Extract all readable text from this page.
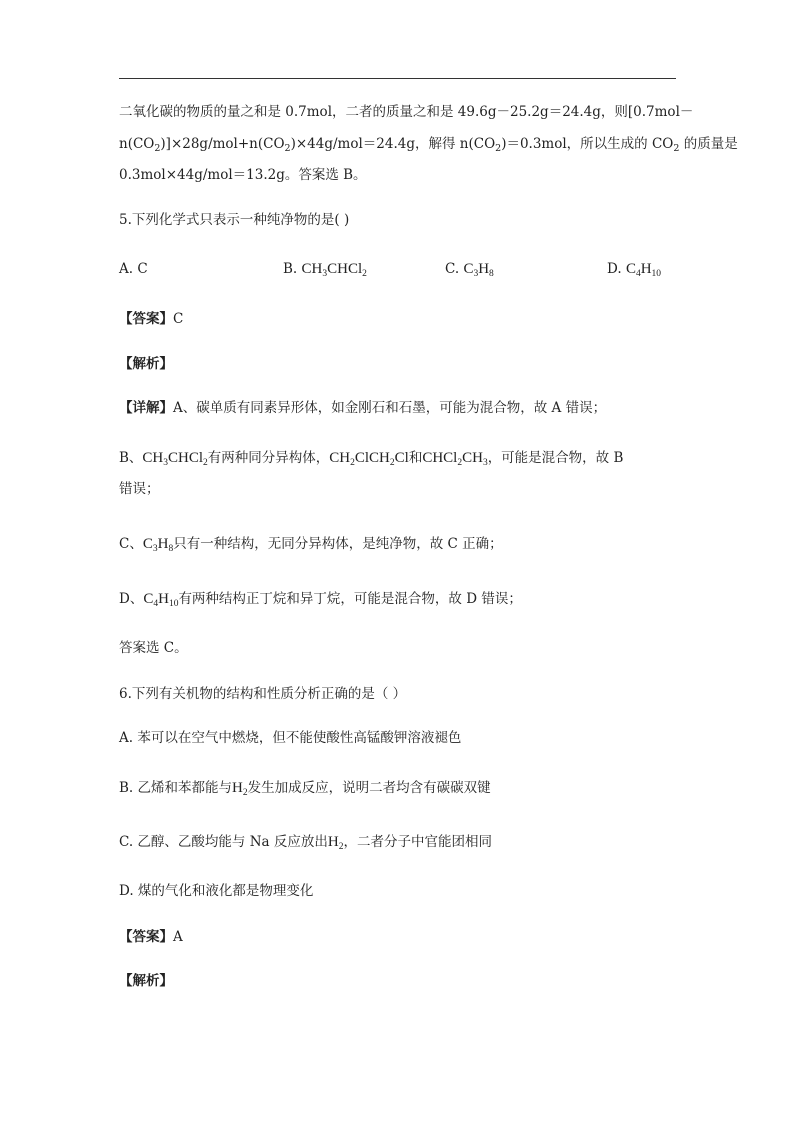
二氧化碳的物质的量之和是 0.7mol，二者的质量之和是 49.6g－25.2g＝24.4g，则[0.7mol－
$n(CO_2)]\times 28g/mol+n(CO_2)\times 44g/mol=24.4g$，解得 $n(CO_2)=0.3mol$，所以生成的 $CO_2$ 的质量是
0.3mol×44g/mol＝13.2g。答案选 B。
5.下列化学式只表示一种纯净物的是( )
A. C	B. $CH_3CHCl_2$	C. $C_3H_8$	D. $C_4H_{10}$
【答案】C
【解析】
【详解】A、碳单质有同素异形体，如金刚石和石墨，可能为混合物，故 A 错误；
B、$CH_3CHCl_2$有两种同分异构体，$CH_2ClCH_2Cl$和$CHCl_2CH_3$，可能是混合物，故 B
错误；
C、$C_3H_8$只有一种结构，无同分异构体，是纯净物，故 C 正确；
D、$C_4H_{10}$有两种结构正丁烷和异丁烷，可能是混合物，故 D 错误；
答案选 C。
6.下列有关机物的结构和性质分析正确的是（ ）
A. 苯可以在空气中燃烧，但不能使酸性高锰酸钾溶液褪色
B. 乙烯和苯都能与$H_2$发生加成反应，说明二者均含有碳碳双键
C. 乙醇、乙酸均能与 Na 反应放出$H_2$，二者分子中官能团相同
D. 煤的气化和液化都是物理变化
【答案】A
【解析】
